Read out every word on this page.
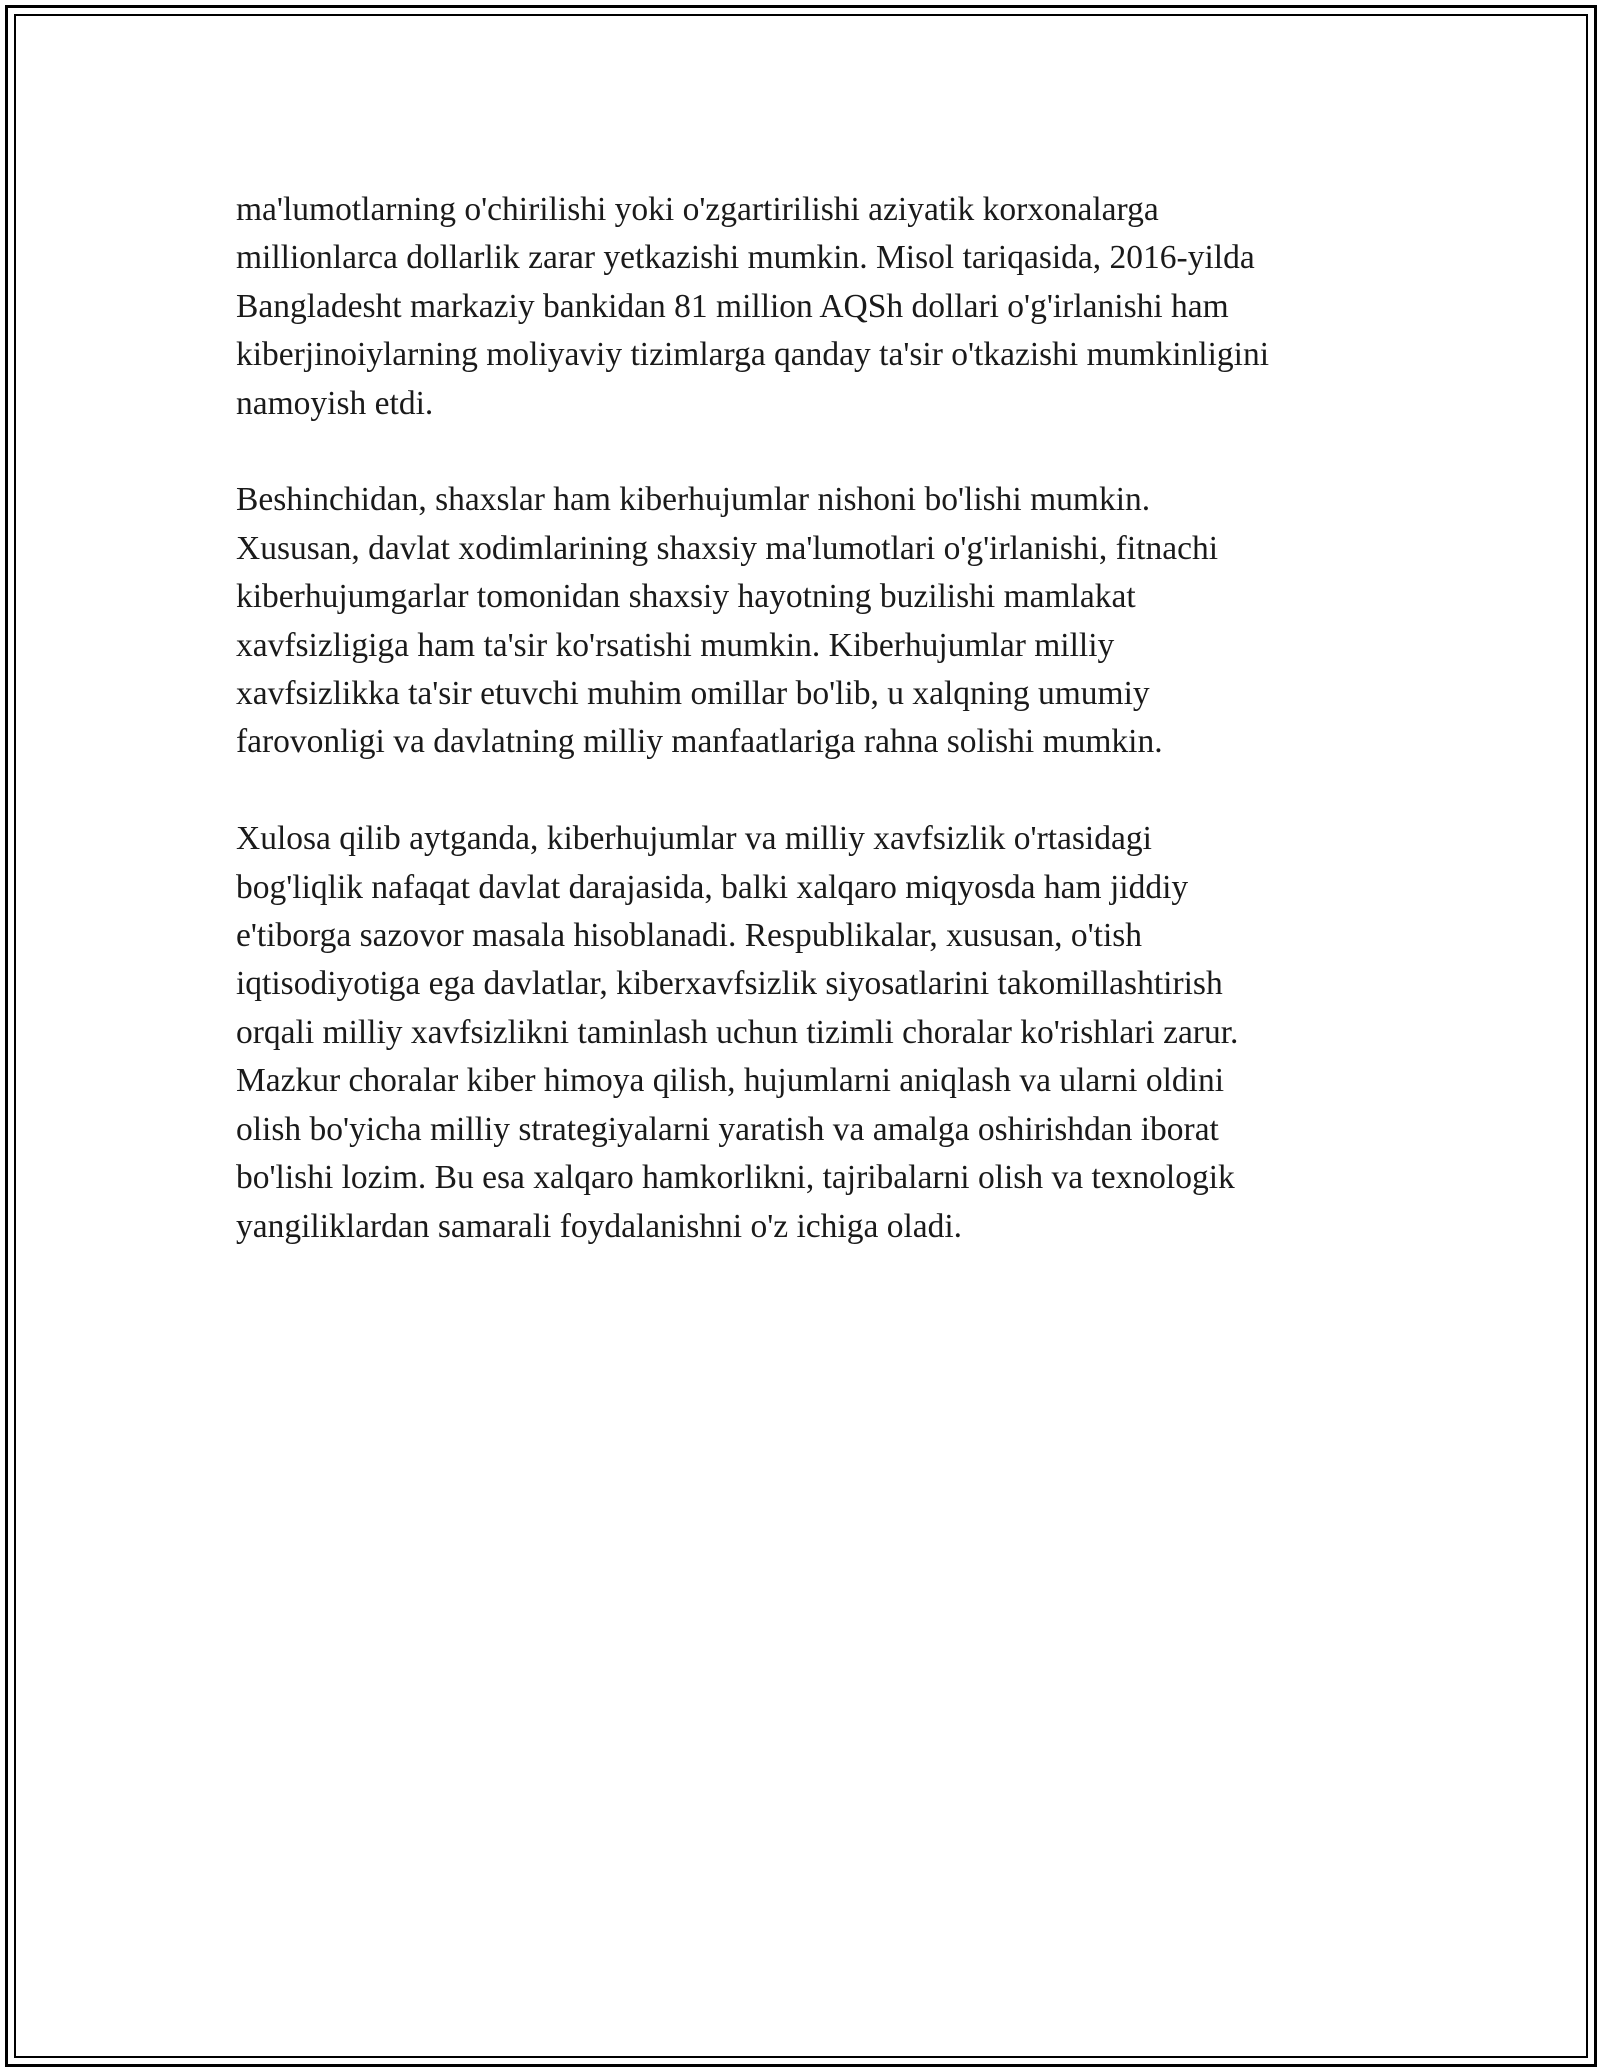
ma'lumotlarning o'chirilishi yoki o'zgartirilishi aziyatik korxonalarga
millionlarca dollarlik zarar yetkazishi mumkin. Misol tariqasida, 2016-yilda
Bangladesht markaziy bankidan 81 million AQSh dollari o'g'irlanishi ham
kiberjinoiylarning moliyaviy tizimlarga qanday ta'sir o'tkazishi mumkinligini
namoyish etdi.

Beshinchidan, shaxslar ham kiberhujumlar nishoni bo'lishi mumkin.
Xususan, davlat xodimlarining shaxsiy ma'lumotlari o'g'irlanishi, fitnachi
kiberhujumgarlar tomonidan shaxsiy hayotning buzilishi mamlakat
xavfsizligiga ham ta'sir ko'rsatishi mumkin. Kiberhujumlar milliy
xavfsizlikka ta'sir etuvchi muhim omillar bo'lib, u xalqning umumiy
farovonligi va davlatning milliy manfaatlariga rahna solishi mumkin.

Xulosa qilib aytganda, kiberhujumlar va milliy xavfsizlik o'rtasidagi
bog'liqlik nafaqat davlat darajasida, balki xalqaro miqyosda ham jiddiy
e'tiborga sazovor masala hisoblanadi. Respublikalar, xususan, o'tish
iqtisodiyotiga ega davlatlar, kiberxavfsizlik siyosatlarini takomillashtirish
orqali milliy xavfsizlikni taminlash uchun tizimli choralar ko'rishlari zarur.
Mazkur choralar kiber himoya qilish, hujumlarni aniqlash va ularni oldini
olish bo'yicha milliy strategiyalarni yaratish va amalga oshirishdan iborat
bo'lishi lozim. Bu esa xalqaro hamkorlikni, tajribalarni olish va texnologik
yangiliklardan samarali foydalanishni o'z ichiga oladi.
